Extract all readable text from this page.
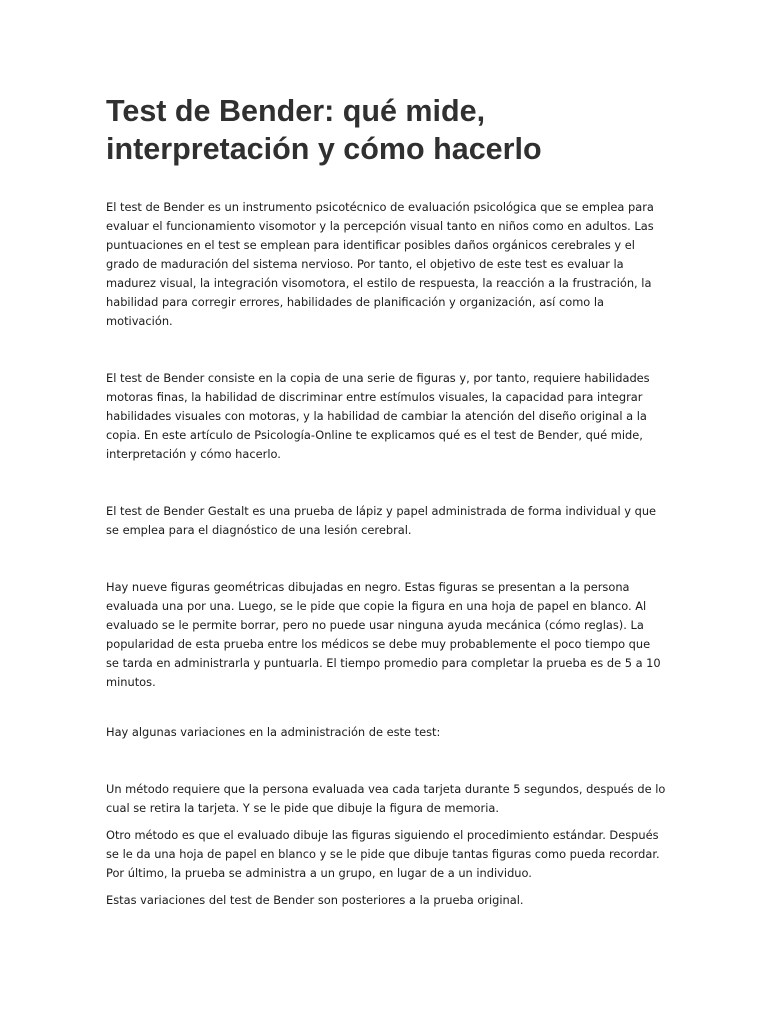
Test de Bender: qué mide, interpretación y cómo hacerlo

El test de Bender es un instrumento psicotécnico de evaluación psicológica que se emplea para evaluar el funcionamiento visomotor y la percepción visual tanto en niños como en adultos. Las puntuaciones en el test se emplean para identificar posibles daños orgánicos cerebrales y el grado de maduración del sistema nervioso. Por tanto, el objetivo de este test es evaluar la madurez visual, la integración visomotora, el estilo de respuesta, la reacción a la frustración, la habilidad para corregir errores, habilidades de planificación y organización, así como la motivación.

El test de Bender consiste en la copia de una serie de figuras y, por tanto, requiere habilidades motoras finas, la habilidad de discriminar entre estímulos visuales, la capacidad para integrar habilidades visuales con motoras, y la habilidad de cambiar la atención del diseño original a la copia. En este artículo de Psicología-Online te explicamos qué es el test de Bender, qué mide, interpretación y cómo hacerlo.

El test de Bender Gestalt es una prueba de lápiz y papel administrada de forma individual y que se emplea para el diagnóstico de una lesión cerebral.

Hay nueve figuras geométricas dibujadas en negro. Estas figuras se presentan a la persona evaluada una por una. Luego, se le pide que copie la figura en una hoja de papel en blanco. Al evaluado se le permite borrar, pero no puede usar ninguna ayuda mecánica (cómo reglas). La popularidad de esta prueba entre los médicos se debe muy probablemente el poco tiempo que se tarda en administrarla y puntuarla. El tiempo promedio para completar la prueba es de 5 a 10 minutos.

Hay algunas variaciones en la administración de este test:

Un método requiere que la persona evaluada vea cada tarjeta durante 5 segundos, después de lo cual se retira la tarjeta. Y se le pide que dibuje la figura de memoria.

Otro método es que el evaluado dibuje las figuras siguiendo el procedimiento estándar. Después se le da una hoja de papel en blanco y se le pide que dibuje tantas figuras como pueda recordar. Por último, la prueba se administra a un grupo, en lugar de a un individuo.

Estas variaciones del test de Bender son posteriores a la prueba original.
